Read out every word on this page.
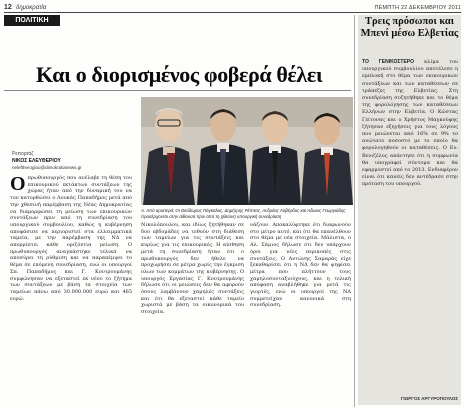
12 δημοκρατία	ΠΕΜΠΤΗ 22 ΔΕΚΕΜΒΡΙΟΥ 2011
ΠΟΛΙΤΙΚΗ
Και ο διορισμένος φοβερά θέλει
Ρεπορτάζ
ΝΙΚΟΣ ΕΛΕΥΘΕΡΙΟΥ
neleftheroglou@dimokratianews.gr
Α. Από αριστερά: Οι Θεόδωρος Πάγκαλος, Δημήτρης Ρέππας, Ανδρέας Λοβέρδος και Άδωνις Γεωργιάδης προσέρχονται στην αίθουσα πριν από τη χθεσινή υπουργική συνεδρίαση
Ο πρωθυπουργός που ανέλαβε τη θέση του επικουρικού εκτάκτων συντάξεων της χώρας ήταν από την δυναμική του να τον κατορθώσει ο Λουκάς Παπαδήμος μετά από την χθεσινή παρέμβαση της Νέας Δημοκρατίας να διαμορφώσει τη μείωση των επικουρικών συντάξεων πριν από τη συνεδρίαση του υπουργικού συμβουλίου, καθώς η κυβέρνηση αποφάσισε να περιοριστεί στα ελλειμματικά ταμεία, με την παρέμβαση της ΝΔ να απορρίπτει κάθε οριζόντια μείωση. Ο πρωθυπουργός αναγκάστηκε τελικά να αποσύρει τη ρύθμιση και να παραπέμψει το θέμα σε επόμενη συνεδρίαση, ενώ οι υπουργοί Σπ. Παπαδήμος και Γ. Κουτρουμάνης συμφώνησαν να εξεταστεί εκ νέου το ζήτημα των συντάξεων με βάση τα στοιχεία των ταμείων πάνω από 30.000.000 ευρώ και 465 ευρώ.
Νικολόπουλου, και ιδίως ζητήθηκαν σε δυο εβδομάδες να τεθούν στη διάθεση των ταμείων για τις συντάξεις και κυρίως για τις επικουρικές. Η αίσθηση μετά τη συνεδρίαση ήταν ότι ο πρωθυπουργός δεν ήθελε να προχωρήσει σε μέτρα χωρίς την έγκριση όλων των κομμάτων της κυβέρνησης. Ο υπουργός Εργασίας Γ. Κουτρουμάνης δήλωσε ότι οι μειώσεις δεν θα αφορούν όσους λαμβάνουν χαμηλές συντάξεις και ότι θα εξεταστεί κάθε ταμείο χωριστά με βάση τα οικονομικά του στοιχεία.
νάζουν. Αποκαλύφτηκε ότι διαφωνούν στο μέτρο αυτό, και ότι θα επανέλθουν στο θέμα με νέα στοιχεία. Μάλιστα, ο Αλ. Σάμιος δήλωσε ότι δεν υπάρχουν όροι για νέες περικοπές στις συντάξεις. Ο Αντώνης Σαμαράς είχε ξεκαθαρίσει ότι η ΝΔ δεν θα ψηφίσει μέτρα που πλήττουν τους χαμηλοσυνταξιούχους, και η τελική απόφαση αναβλήθηκε για μετά τις γιορτές, ενώ οι υπουργοί της ΝΔ συμμετείχαν κανονικά στη συνεδρίαση.
Τρεις πρόσωποι και Μπενί μέσω Ελβετίας
ΤΟ ΓΕΝΙΚΟΣΤΕΡΟ κλίμα του υπουργικού συμβουλίου αποτέλεσε η εμπλοκή στο θέμα των επικουρικών συντάξεων και των καταθέσεων σε τράπεζες της Ελβετίας. Στη συνεδρίαση συζητήθηκε και το θέμα της φορολόγησης των καταθέσεων Ελλήνων στην Ελβετία. Ο Κώστας Γείτονας και ο Χρήστος Μαγκούφης ζήτησαν εξηγήσεις για τους λόγους που μειώνεται από 16% σε 9% το ανώτατο ποσοστό με το οποίο θα φορολογηθούν οι καταθέσεις. Ο Ευ. Βενιζέλος απάντησε ότι η συμφωνία θα υπογραφεί σύντομα και θα εφαρμοστεί από το 2013. Ενδιαφέρον είναι ότι κανείς δεν αντέδρασε στην πρόταση του υπουργού.
ΓΙΩΡΓΟΣ ΑΡΓΥΡΟΠΟΥΛΟΣ
